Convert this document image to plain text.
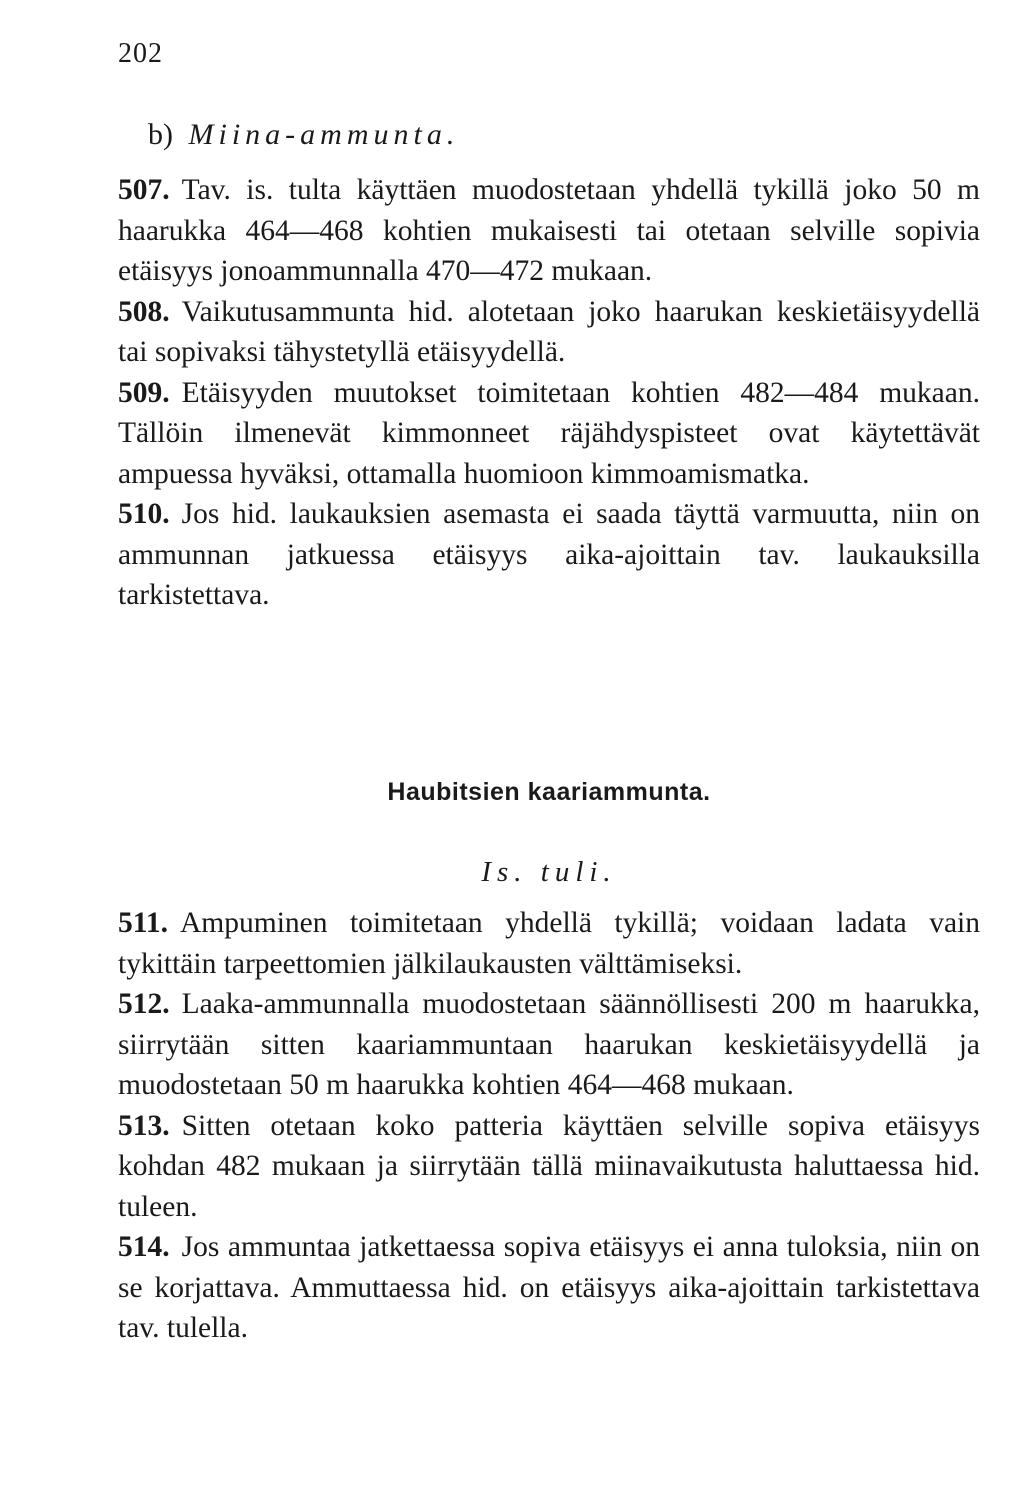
202
b) Miina-ammunta.

507. Tav. is. tulta käyttäen muodostetaan yhdellä tykillä joko 50 m haarukka 464—468 kohtien mukaisesti tai otetaan selville sopivia etäisyys jonoammunnalla 470—472 mukaan.

508. Vaikutusammunta hid. alotetaan joko haarukan keskietäisyydellä tai sopivaksi tähystetyllä etäisyydellä.

509. Etäisyyden muutokset toimitetaan kohtien 482—484 mukaan. Tällöin ilmenevät kimmonneet räjähdyspisteet ovat käytettävät ampuessa hyväksi, ottamalla huomioon kimmoamismatka.

510. Jos hid. laukauksien asemasta ei saada täyttä varmuutta, niin on ammunnan jatkuessa etäisyys aika-ajoittain tav. laukauksilla tarkistettava.

Haubitsien kaariammunta.
Is. tuli.

511. Ampuminen toimitetaan yhdellä tykillä; voidaan ladata vain tykittäin tarpeettomien jälkilaukausten välttämiseksi.

512. Laaka-ammunnalla muodostetaan säännöllisesti 200 m haarukka, siirrytään sitten kaariammuntaan haarukan keskietäisyydellä ja muodostetaan 50 m haarukka kohtien 464—468 mukaan.

513. Sitten otetaan koko patteria käyttäen selville sopiva etäisyys kohdan 482 mukaan ja siirrytään tällä miinavaikutusta haluttaessa hid. tuleen.

514. Jos ammuntaa jatkettaessa sopiva etäisyys ei anna tuloksia, niin on se korjattava. Ammuttaessa hid. on etäisyys aika-ajoittain tarkistettava tav. tulella.
